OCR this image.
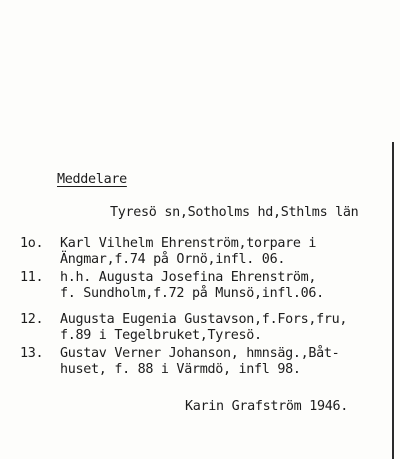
Meddelare
Tyresö sn,Sotholms hd,Sthlms län
1o. Karl Vilhelm Ehrenström,torpare i
Ängmar,f.74 på Ornö,infl. 06.
11. h.h. Augusta Josefina Ehrenström,
f. Sundholm,f.72 på Munsö,infl.06.
12. Augusta Eugenia Gustavson,f.Fors,fru,
f.89 i Tegelbruket,Tyresö.
13. Gustav Verner Johanson, hmnsäg.,Båt-
huset, f. 88 i Värmdö, infl 98.
Karin Grafström 1946.
